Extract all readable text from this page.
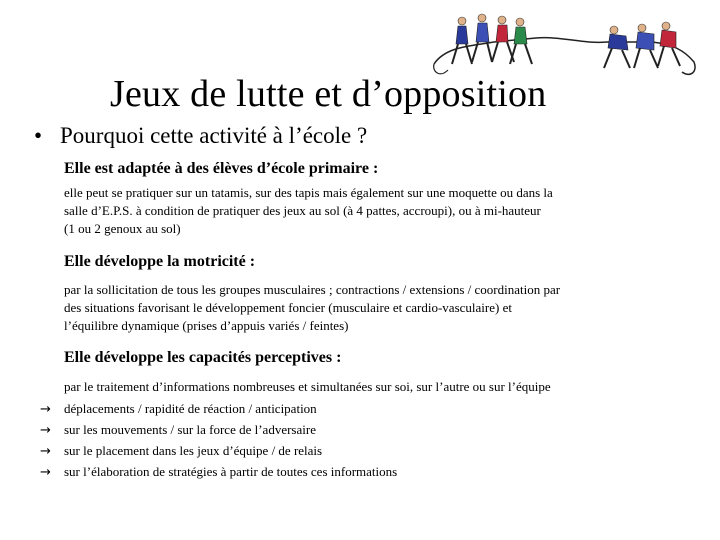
Jeux de lutte et d’opposition
• Pourquoi cette activité à l’école ?
Elle est adaptée à des élèves d’école primaire :
elle peut se pratiquer sur un tatamis, sur des tapis mais également sur une moquette ou dans la
salle d’E.P.S. à condition de pratiquer des jeux au sol (à 4 pattes, accroupi), ou à mi-hauteur
(1 ou 2 genoux au sol)
Elle développe la motricité :
par la sollicitation de tous les groupes musculaires ; contractions / extensions / coordination par
des situations favorisant le développement foncier (musculaire et cardio-vasculaire) et
l’équilibre dynamique (prises d’appuis variés / feintes)
Elle développe les capacités perceptives :
par le traitement d’informations nombreuses et simultanées sur soi, sur l’autre ou sur l’équipe
→ déplacements / rapidité de réaction / anticipation
→ sur les mouvements / sur la force de l’adversaire
→ sur le placement dans les jeux d’équipe / de relais
→ sur l’élaboration de stratégies à partir de toutes ces informations
